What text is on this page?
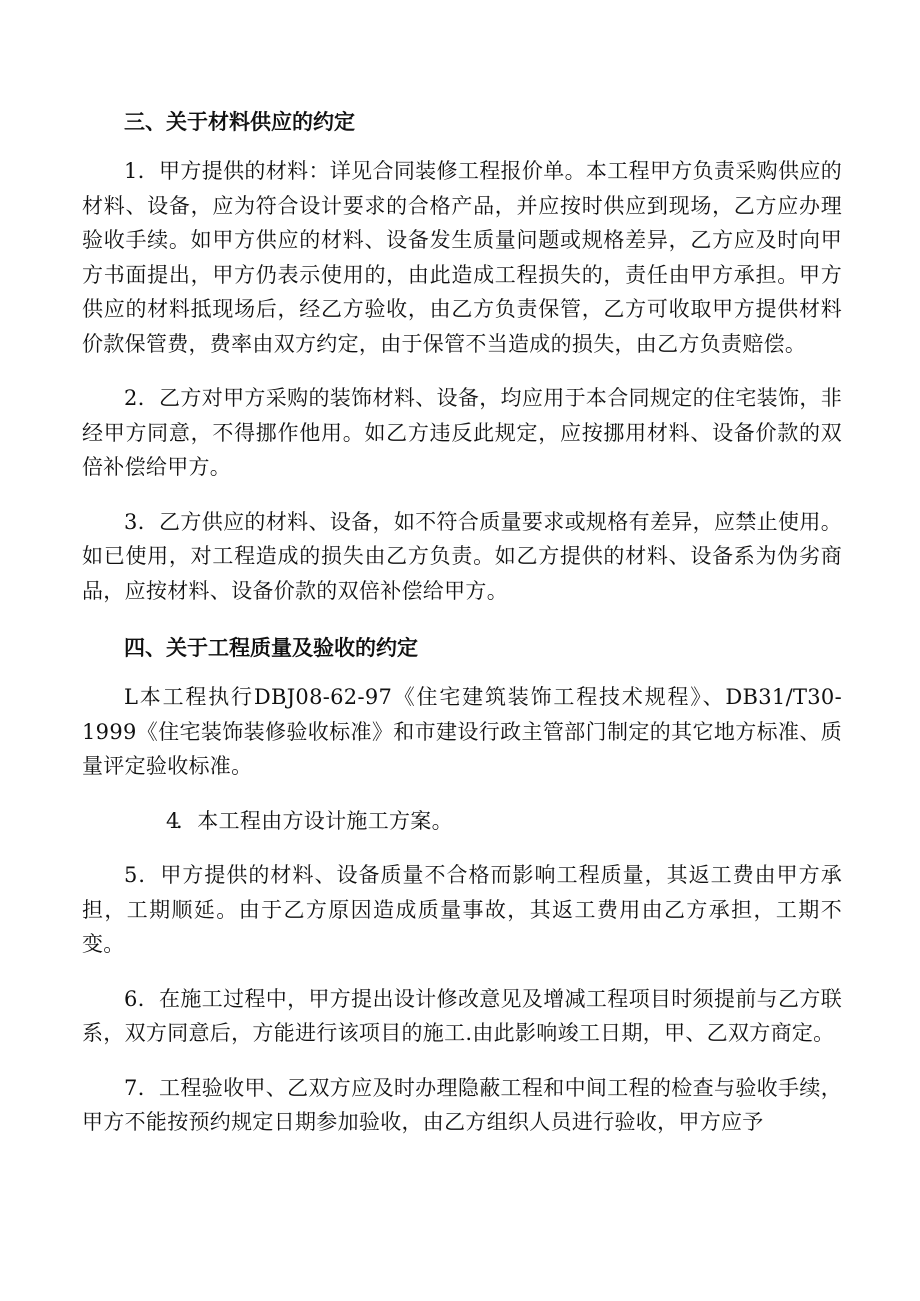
三、关于材料供应的约定

1．甲方提供的材料：详见合同装修工程报价单。本工程甲方负责采购供应的材料、设备，应为符合设计要求的合格产品，并应按时供应到现场，乙方应办理验收手续。如甲方供应的材料、设备发生质量问题或规格差异，乙方应及时向甲方书面提出，甲方仍表示使用的，由此造成工程损失的，责任由甲方承担。甲方供应的材料抵现场后，经乙方验收，由乙方负责保管，乙方可收取甲方提供材料价款保管费，费率由双方约定，由于保管不当造成的损失，由乙方负责赔偿。

2．乙方对甲方采购的装饰材料、设备，均应用于本合同规定的住宅装饰，非经甲方同意，不得挪作他用。如乙方违反此规定，应按挪用材料、设备价款的双倍补偿给甲方。

3．乙方供应的材料、设备，如不符合质量要求或规格有差异，应禁止使用。如已使用，对工程造成的损失由乙方负责。如乙方提供的材料、设备系为伪劣商品，应按材料、设备价款的双倍补偿给甲方。

四、关于工程质量及验收的约定

L本工程执行DBJ08-62-97《住宅建筑装饰工程技术规程》、DB31/T30-1999《住宅装饰装修验收标准》和市建设行政主管部门制定的其它地方标准、质量评定验收标准。

4．本工程由方设计施工方案。

5．甲方提供的材料、设备质量不合格而影响工程质量，其返工费由甲方承担，工期顺延。由于乙方原因造成质量事故，其返工费用由乙方承担，工期不变。

6．在施工过程中，甲方提出设计修改意见及增减工程项目时须提前与乙方联系，双方同意后，方能进行该项目的施工.由此影响竣工日期，甲、乙双方商定。

7．工程验收甲、乙双方应及时办理隐蔽工程和中间工程的检查与验收手续，甲方不能按预约规定日期参加验收，由乙方组织人员进行验收，甲方应予
